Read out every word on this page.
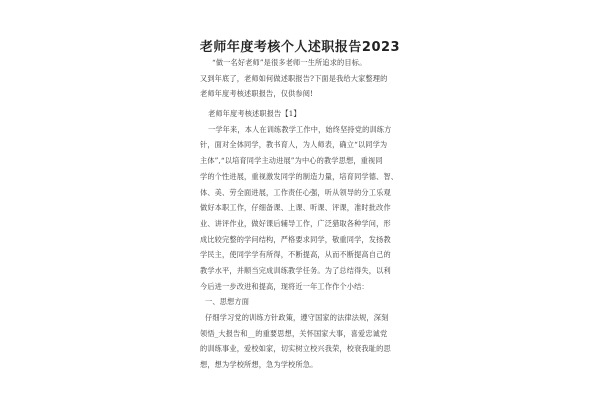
老师年度考核个人述职报告2023
“做一名好老师”是很多老师一生所追求的目标。
又到年底了，老师如何做述职报告?下面是我给大家整理的
老师年度考核述职报告，仅供参阅!
老师年度考核述职报告【1】
一学年来，本人在训练教学工作中，始终坚持党的训练方
针，面对全体同学，教书育人，为人师表，确立“以同学为
主体”,“以培育同学主动进展”为中心的教学思想，重视同
学的个性进展，重视激发同学的制造力量，培育同学德、智、
体、美、劳全面进展，工作责任心强，听从领导的分工乐观
做好本职工作，仔细备课、上课、听课、评课，准时批改作
业、讲评作业，做好课后辅导工作，广泛猎取各种学问，形
成比较完整的学问结构，严格要求同学，敬重同学，发扬教
学民主，使同学学有所得，不断提高，从而不断提高自己的
教学水平，并顺当完成训练教学任务。为了总结得失，以利
今后进一步改进和提高，现将近一年工作作个小结：
一、思想方面
仔细学习党的训练方针政策，遵守国家的法律法规，深刻
领悟_大报告和__的重要思想，关怀国家大事，喜爱忠诚党
的训练事业，爱校如家，切实树立校兴我荣，校衰我耻的思
想，想为学校所想，急为学校所急。
